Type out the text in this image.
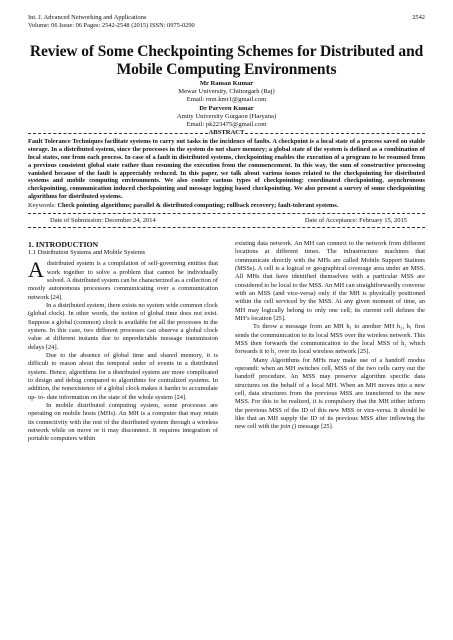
Int. J. Advanced Networking and Applications	2542
Volume: 06 Issue: 06 Pages: 2542-2548 (2015) ISSN: 0975-0290
Review of Some Checkpointing Schemes for Distributed and Mobile Computing Environments
Mr Raman Kumar
Mewar University, Chittorgarh (Raj)
Email: rmn.kmr1@gmail.com
Dr Parveen Kumar
Amity University Gurgaon (Haryana)
Email: pk223475@gmail.com
ABSTRACT

Fault Tolerance Techniques facilitate systems to carry out tasks in the incidence of faults. A checkpoint is a local state of a process saved on stable storage. In a distributed system, since the processes in the system do not share memory; a global state of the system is defined as a combination of local states, one from each process. In case of a fault in distributed systems, checkpointing enables the execution of a program to be resumed from a previous consistent global state rather than resuming the execution from the commencement. In this way, the sum of constructive processing vanished because of the fault is appreciably reduced. In this paper, we talk about various issues related to the checkpointing for distributed systems and mobile computing environments. We also confer various types of checkpointing: coordinated checkpointing, asynchronous checkpointing, communication induced checkpointing and message logging based checkpointing. We also present a survey of some checkpointing algorithms for distributed systems.

Keywords: Check pointing algorithms; parallel & distributed computing; rollback recovery; fault-tolerant systems.

Date of Submission: December 24, 2014	Date of Acceptance: February 15, 2015
1. INTRODUCTION
1.1 Distribution Systems and Mobile Systems

Adistributed system is a compilation of self-governing entities that work together to solve a problem that cannot be individually solved. A distributed system can be characterized as a collection of mostly autonomous processors communicating over a communication network [24].

In a distributed system, there exists no system wide common clock (global clock). In other words, the notion of global time does not exist. Suppose a global (common) clock is available for all the processes in the system. In this case, two different processes can observe a global clock value at different instants due to unpredictable message transmission delays [24].

Due to the absence of global time and shared memory, it is difficult to reason about the temporal order of events in a distributed system. Hence, algorithms for a distributed system are more complicated to design and debug compared to algorithms for centralized systems. In addition, the nonexistence of a global clock makes it harder to accumulate up- to- date information on the state of the whole system [24].

In mobile distributed computing system, some processes are operating on mobile hosts (MHs). An MH is a computer that may retain its connectivity with the rest of the distributed system through a wireless network while on move or it may disconnect. It requires integration of portable computers within

existing data network. An MH can connect to the network from different locations at different times. The infrastructure machines that communicate directly with the MHs are called Mobile Support Stations (MSSs). A cell is a logical or geographical coverage area under an MSS. All MHs that have identified themselves with a particular MSS are considered to be local to the MSS. An MH can straightforwardly converse with an MSS (and vice-versa) only if the MH is physically positioned within the cell serviced by the MSS. At any given moment of time, an MH may logically belong to only one cell; its current cell defines the MH’s location [25].

To throw a message from an MH h₁ to another MH h₂, h₁ first sends the communication to its local MSS over the wireless network. This MSS then forwards the communication to the local MSS of h₂ which forwards it to h₂ over its local wireless network [25].

Many Algorithms for MHs may make use of a handoff modus operandi: when an MH switches cell, MSS of the two cells carry out the handoff procedure. An MSS may preserve algorithm specific data structures on the behalf of a local MH. When an MH moves into a new cell, data structures from the previous MSS are transferred to the new MSS. For this to be realized, it is compulsory that the MH either inform the previous MSS of the ID of this new MSS or vice-versa. It should be like that an MH supply the ID of its previous MSS after inflowing the new cell with the join () message [25].
